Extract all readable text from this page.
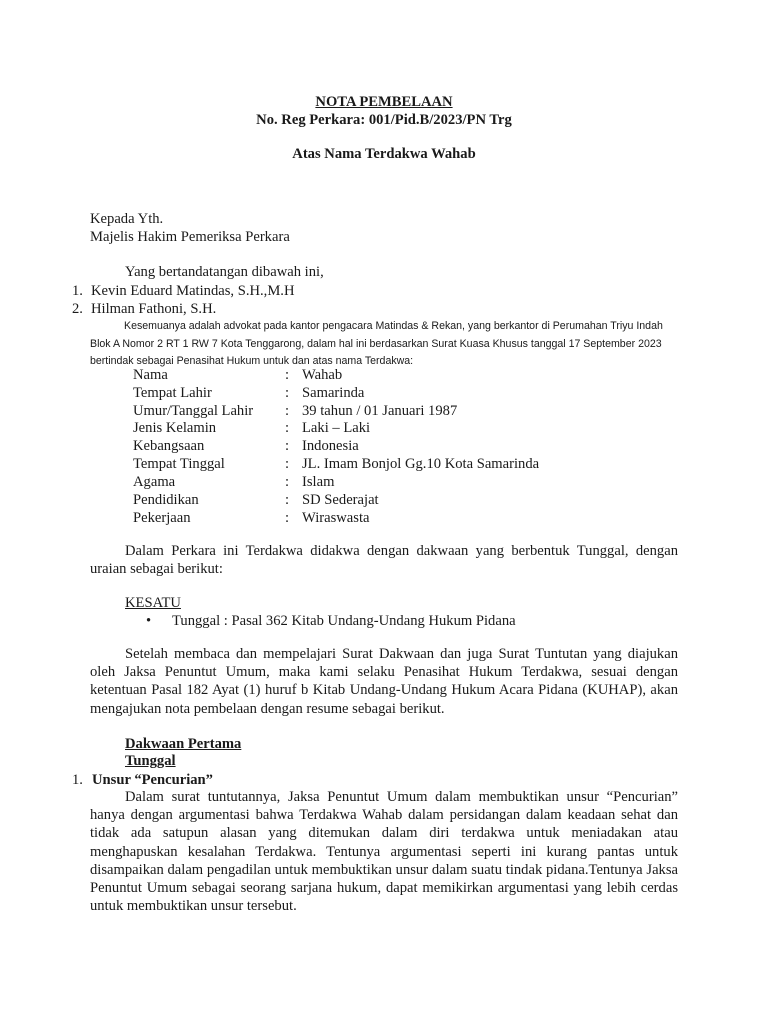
NOTA PEMBELAAN
No. Reg Perkara: 001/Pid.B/2023/PN Trg
Atas Nama Terdakwa Wahab
Kepada Yth.
Majelis Hakim Pemeriksa Perkara
Yang bertandatangan dibawah ini,
1. Kevin Eduard Matindas, S.H.,M.H
2. Hilman Fathoni, S.H.
Kesemuanya adalah advokat pada kantor pengacara Matindas & Rekan, yang berkantor di Perumahan Triyu Indah
Blok A Nomor 2 RT 1 RW 7 Kota Tenggarong, dalam hal ini berdasarkan Surat Kuasa Khusus tanggal 17 September 2023
bertindak sebagai Penasihat Hukum untuk dan atas nama Terdakwa:
Nama	: Wahab
Tempat Lahir	: Samarinda
Umur/Tanggal Lahir : 39 tahun / 01 Januari 1987
Jenis Kelamin	: Laki – Laki
Kebangsaan	: Indonesia
Tempat Tinggal	: JL. Imam Bonjol Gg.10 Kota Samarinda
Agama	: Islam
Pendidikan	: SD Sederajat
Pekerjaan	: Wiraswasta
Dalam Perkara ini Terdakwa didakwa dengan dakwaan yang berbentuk Tunggal, dengan uraian sebagai berikut:
KESATU
• Tunggal : Pasal 362 Kitab Undang-Undang Hukum Pidana
Setelah membaca dan mempelajari Surat Dakwaan dan juga Surat Tuntutan yang diajukan oleh Jaksa Penuntut Umum, maka kami selaku Penasihat Hukum Terdakwa, sesuai dengan ketentuan Pasal 182 Ayat (1) huruf b Kitab Undang-Undang Hukum Acara Pidana (KUHAP), akan mengajukan nota pembelaan dengan resume sebagai berikut.
Dakwaan Pertama
Tunggal
1. Unsur “Pencurian”
Dalam surat tuntutannya, Jaksa Penuntut Umum dalam membuktikan unsur “Pencurian” hanya dengan argumentasi bahwa Terdakwa Wahab dalam persidangan dalam keadaan sehat dan tidak ada satupun alasan yang ditemukan dalam diri terdakwa untuk meniadakan atau menghapuskan kesalahan Terdakwa. Tentunya argumentasi seperti ini kurang pantas untuk disampaikan dalam pengadilan untuk membuktikan unsur dalam suatu tindak pidana.Tentunya Jaksa Penuntut Umum sebagai seorang sarjana hukum, dapat memikirkan argumentasi yang lebih cerdas untuk membuktikan unsur tersebut.
